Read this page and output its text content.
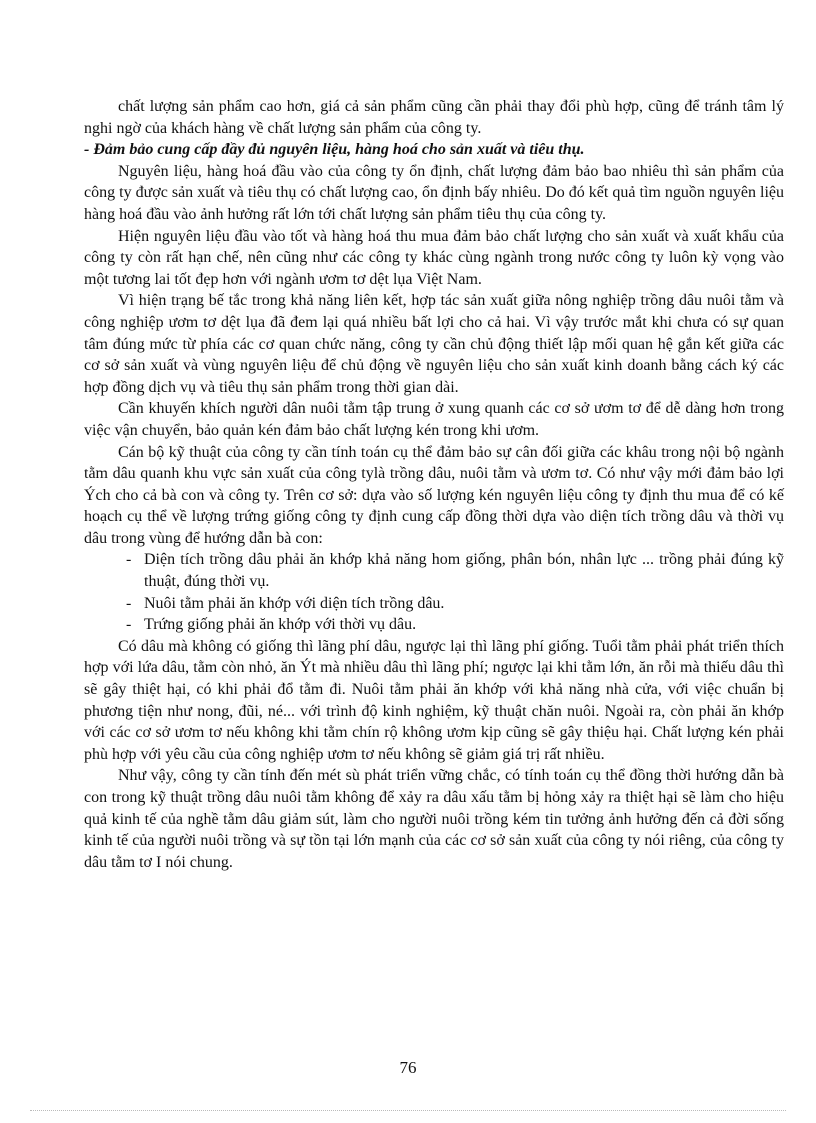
chất lượng sản phẩm cao hơn, giá cả sản phẩm cũng cần phải thay đổi phù hợp, cũng để tránh tâm lý nghi ngờ của khách hàng về chất lượng sản phẩm của công ty.

- Đảm bảo cung cấp đầy đủ nguyên liệu, hàng hoá cho sản xuất và tiêu thụ.

Nguyên liệu, hàng hoá đầu vào của công ty ổn định, chất lượng đảm bảo bao nhiêu thì sản phẩm của công ty được sản xuất và tiêu thụ có chất lượng cao, ổn định bấy nhiêu. Do đó kết quả tìm nguồn nguyên liệu hàng hoá đầu vào ảnh hưởng rất lớn tới chất lượng sản phẩm tiêu thụ của công ty.

Hiện nguyên liệu đầu vào tốt và hàng hoá thu mua đảm bảo chất lượng cho sản xuất và xuất khẩu của công ty còn rất hạn chế, nên cũng như các công ty khác cùng ngành trong nước công ty luôn kỳ vọng vào một tương lai tốt đẹp hơn với ngành ươm tơ dệt lụa Việt Nam.

Vì hiện trạng bế tắc trong khả năng liên kết, hợp tác sản xuất giữa nông nghiệp trồng dâu nuôi tằm và công nghiệp ươm tơ dệt lụa đã đem lại quá nhiều bất lợi cho cả hai. Vì vậy trước mắt khi chưa có sự quan tâm đúng mức từ phía các cơ quan chức năng, công ty cần chủ động thiết lập mối quan hệ gắn kết giữa các cơ sở sản xuất và vùng nguyên liệu để chủ động về nguyên liệu cho sản xuất kinh doanh bằng cách ký các hợp đồng dịch vụ và tiêu thụ sản phẩm trong thời gian dài.

Cần khuyến khích người dân nuôi tằm tập trung ở xung quanh các cơ sở ươm tơ để dễ dàng hơn trong việc vận chuyển, bảo quản kén đảm bảo chất lượng kén trong khi ươm.

Cán bộ kỹ thuật của công ty cần tính toán cụ thể đảm bảo sự cân đối giữa các khâu trong nội bộ ngành tằm dâu quanh khu vực sản xuất của công tylà trồng dâu, nuôi tằm và ươm tơ. Có như vậy mới đảm bảo lợi Ých cho cả bà con và công ty. Trên cơ sở: dựa vào số lượng kén nguyên liệu công ty định thu mua để có kế hoạch cụ thể về lượng trứng giống công ty định cung cấp đồng thời dựa vào diện tích trồng dâu và thời vụ dâu trong vùng để hướng dẫn bà con:

- Diện tích trồng dâu phải ăn khớp khả năng hom giống, phân bón, nhân lực ... trồng phải đúng kỹ thuật, đúng thời vụ.
- Nuôi tằm phải ăn khớp với diện tích trồng dâu.
- Trứng giống phải ăn khớp với thời vụ dâu.

Có dâu mà không có giống thì lãng phí dâu, ngược lại thì lãng phí giống. Tuổi tằm phải phát triển thích hợp với lứa dâu, tằm còn nhỏ, ăn Ýt mà nhiều dâu thì lãng phí; ngược lại khi tằm lớn, ăn rỗi mà thiếu dâu thì sẽ gây thiệt hại, có khi phải đổ tằm đi. Nuôi tằm phải ăn khớp với khả năng nhà cửa, với việc chuẩn bị phương tiện như nong, đũi, né... với trình độ kinh nghiệm, kỹ thuật chăn nuôi. Ngoài ra, còn phải ăn khớp với các cơ sở ươm tơ nếu không khi tằm chín rộ không ươm kịp cũng sẽ gây thiệu hại. Chất lượng kén phải phù hợp với yêu cầu của công nghiệp ươm tơ nếu không sẽ giảm giá trị rất nhiều.

Như vậy, công ty cần tính đến mét sù phát triển vững chắc, có tính toán cụ thể đồng thời hướng dẫn bà con trong kỹ thuật trồng dâu nuôi tằm không để xảy ra dâu xấu tằm bị hỏng xảy ra thiệt hại sẽ làm cho hiệu quả kinh tế của nghề tằm dâu giảm sút, làm cho người nuôi trồng kém tin tưởng ảnh hưởng đến cả đời sống kinh tế của người nuôi trồng và sự tồn tại lớn mạnh của các cơ sở sản xuất của công ty nói riêng, của công ty dâu tằm tơ I nói chung.

76
